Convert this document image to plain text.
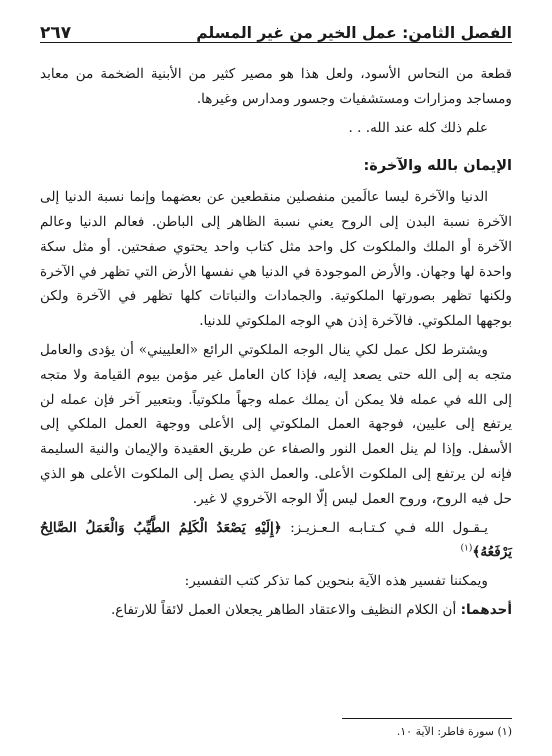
الفصل الثامن: عمل الخير من غير المسلم
٢٦٧

قطعة من النحاس الأسود، ولعل هذا هو مصير كثير من الأبنية الضخمة من معابد ومساجد ومزارات ومستشفيات وجسور ومدارس وغيرها.

علم ذلك كله عند الله. . .

الإيمان بالله والآخرة:

الدنيا والآخرة ليسا عالَمين منفصلين منقطعين عن بعضهما وإنما نسبة الدنيا إلى الآخرة نسبة البدن إلى الروح يعني نسبة الظاهر إلى الباطن. فعالم الدنيا وعالم الآخرة أو الملك والملكوت كل واحد مثل كتاب واحد يحتوي صفحتين. أو مثل سكة واحدة لها وجهان. والأرض الموجودة في الدنيا هي نفسها الأرض التي تظهر في الآخرة ولكنها تظهر بصورتها الملكوتية. والجمادات والنباتات كلها تظهر في الآخرة ولكن بوجهها الملكوتي. فالآخرة إذن هي الوجه الملكوتي للدنيا.

ويشترط لكل عمل لكي ينال الوجه الملكوتي الرائع «العلييني» أن يؤدى والعامل متجه به إلى الله حتى يصعد إليه، فإذا كان العامل غير مؤمن بيوم القيامة ولا متجه إلى الله في عمله فلا يمكن أن يملك عمله وجهاً ملكوتياً. وبتعبير آخر فإن عمله لن يرتفع إلى عليين، فوجهة العمل الملكوتي إلى الأعلى ووجهة العمل الملكي إلى الأسفل. وإذا لم ينل العمل النور والصفاء عن طريق العقيدة والإيمان والنية السليمة فإنه لن يرتفع إلى الملكوت الأعلى. والعمل الذي يصل إلى الملكوت الأعلى هو الذي حل فيه الروح، وروح العمل ليس إلّا الوجه الآخروي لا غير.

يـقـول الله فـي كـتـابـه الـعـزيـز: ﴿إِلَيْهِ يَصْعَدُ الْكَلِمُ الطَّيِّبُ وَالْعَمَلُ الصَّالِحُ يَرْفَعُهُ﴾$^{(١)}$

ويمكننا تفسير هذه الآية بنحوين كما تذكر كتب التفسير:

أحدهما: أن الكلام النظيف والاعتقاد الطاهر يجعلان العمل لائقاً للارتفاع.

(١) سورة فاطر: الآية ١٠.
